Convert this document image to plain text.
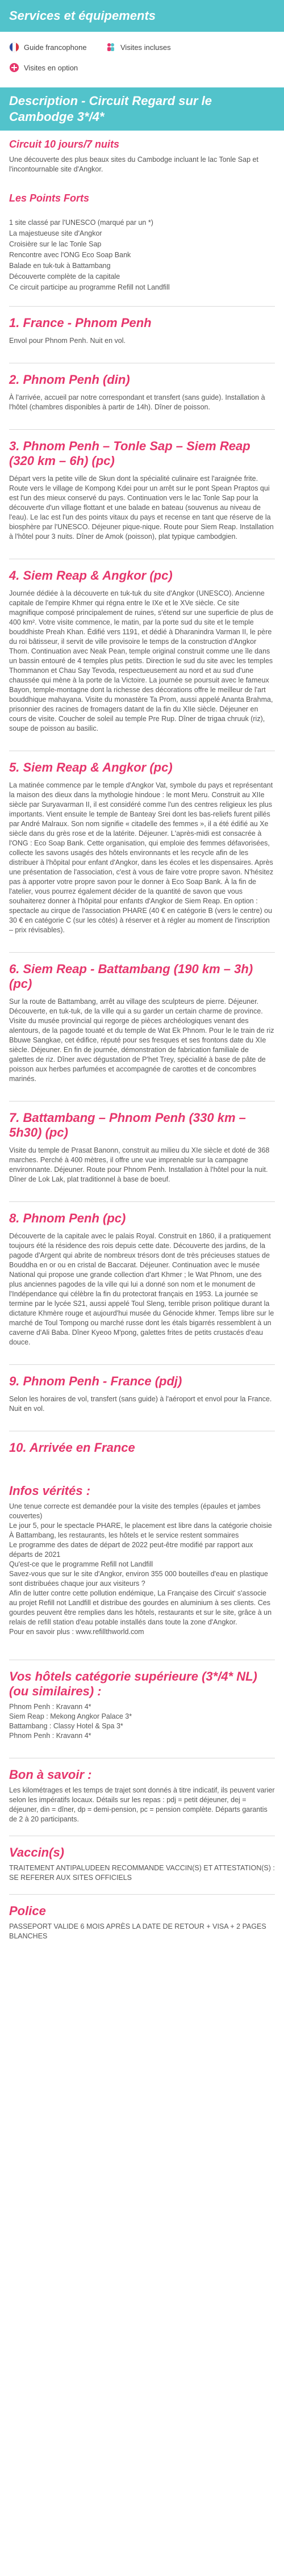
Services et équipements
Guide francophone	Visites incluses
Visites en option
Description - Circuit Regard sur le Cambodge 3*/4*
Circuit 10 jours/7 nuits

Une découverte des plus beaux sites du Cambodge incluant le lac Tonle Sap et l'incontournable site d'Angkor.

Les Points Forts

1 site classé par l'UNESCO (marqué par un *)

La majestueuse site d'Angkor

Croisière sur le lac Tonle Sap

Rencontre avec l'ONG Eco Soap Bank

Balade en tuk-tuk à Battambang

Découverte complète de la capitale

Ce circuit participe au programme Refill not Landfill

1. France - Phnom Penh

Envol pour Phnom Penh. Nuit en vol.

2. Phnom Penh (din)

À l'arrivée, accueil par notre correspondant et transfert (sans guide). Installation à l'hôtel (chambres disponibles à partir de 14h). Dîner de poisson.

3. Phnom Penh – Tonle Sap – Siem Reap (320 km – 6h) (pc)

Départ vers la petite ville de Skun dont la spécialité culinaire est l'araignée frite. Route vers le village de Kompong Kdei pour un arrêt sur le pont Spean Praptos qui est l'un des mieux conservé du pays. Continuation vers le lac Tonle Sap pour la découverte d'un village flottant et une balade en bateau (souvenus au niveau de l'eau). Le lac est l'un des points vitaux du pays et recense en tant que réserve de la biosphère par l'UNESCO. Déjeuner pique-nique. Route pour Siem Reap. Installation à l'hôtel pour 3 nuits. Dîner de Amok (poisson), plat typique cambodgien.

4. Siem Reap & Angkor (pc)

Journée dédiée à la découverte en tuk-tuk du site d'Angkor (UNESCO). Ancienne capitale de l'empire Khmer qui régna entre le IXe et le XVe siècle. Ce site magnifique composé principalement de ruines, s'étend sur une superficie de plus de 400 km². Votre visite commence, le matin, par la porte sud du site et le temple bouddhiste Preah Khan. Édifié vers 1191, et dédié à Dharanindra Varman II, le père du roi bâtisseur, il servit de ville provisoire le temps de la construction d'Angkor Thom. Continuation avec Neak Pean, temple original construit comme une île dans un bassin entouré de 4 temples plus petits. Direction le sud du site avec les temples Thommanon et Chau Say Tevoda, respectueusement au nord et au sud d'une chaussée qui mène à la porte de la Victoire. La journée se poursuit avec le fameux Bayon, temple-montagne dont la richesse des décorations offre le meilleur de l'art bouddhique mahayana. Visite du monastère Ta Prom, aussi appelé Ananta Brahma, prisonnier des racines de fromagers datant de la fin du XIIe siècle. Déjeuner en cours de visite. Coucher de soleil au temple Pre Rup. Dîner de trigaa chruuk (riz), soupe de poisson au basilic.

5. Siem Reap & Angkor (pc)

La matinée commence par le temple d'Angkor Vat, symbole du pays et représentant la maison des dieux dans la mythologie hindoue : le mont Meru. Construit au XIIe siècle par Suryavarman II, il est considéré comme l'un des centres religieux les plus importants. Vient ensuite le temple de Banteay Srei dont les bas-reliefs furent pillés par André Malraux. Son nom signifie « citadelle des femmes », il a été édifié au Xe siècle dans du grès rose et de la latérite. Déjeuner. L'après-midi est consacrée à l'ONG : Eco Soap Bank. Cette organisation, qui emploie des femmes défavorisées, collecte les savons usagés des hôtels environnants et les recycle afin de les distribuer à l'hôpital pour enfant d'Angkor, dans les écoles et les dispensaires. Après une présentation de l'association, c'est à vous de faire votre propre savon. N'hésitez pas à apporter votre propre savon pour le donner à Eco Soap Bank. À la fin de l'atelier, vous pourrez également décider de la quantité de savon que vous souhaiterez donner à l'hôpital pour enfants d'Angkor de Siem Reap. En option : spectacle au cirque de l'association PHARE (40 € en catégorie B (vers le centre) ou 30 € en catégorie C (sur les côtés) à réserver et à régler au moment de l'inscription – prix révisables).

6. Siem Reap - Battambang (190 km – 3h) (pc)

Sur la route de Battambang, arrêt au village des sculpteurs de pierre. Déjeuner. Découverte, en tuk-tuk, de la ville qui a su garder un certain charme de province. Visite du musée provincial qui regorge de pièces archéologiques venant des alentours, de la pagode touaté et du temple de Wat Ek Phnom. Pour le le train de riz Bbuwe Sangkae, cet édifice, réputé pour ses fresques et ses frontons date du XIe siècle. Déjeuner. En fin de journée, démonstration de fabrication familiale de galettes de riz. Dîner avec dégustation de P'het Trey, spécialité à base de pâte de poisson aux herbes parfumées et accompagnée de carottes et de concombres marinés.

7. Battambang – Phnom Penh (330 km – 5h30) (pc)

Visite du temple de Prasat Banonn, construit au milieu du XIe siècle et doté de 368 marches. Perché à 400 mètres, il offre une vue imprenable sur la campagne environnante. Déjeuner. Route pour Phnom Penh. Installation à l'hôtel pour la nuit. Dîner de Lok Lak, plat traditionnel à base de boeuf.

8. Phnom Penh (pc)

Découverte de la capitale avec le palais Royal. Construit en 1860, il a pratiquement toujours été la résidence des rois depuis cette date. Découverte des jardins, de la pagode d'Argent qui abrite de nombreux trésors dont de très précieuses statues de Bouddha en or ou en cristal de Baccarat. Déjeuner. Continuation avec le musée National qui propose une grande collection d'art Khmer ; le Wat Phnom, une des plus anciennes pagodes de la ville qui lui a donné son nom et le monument de l'Indépendance qui célèbre la fin du protectorat français en 1953. La journée se termine par le lycée S21, aussi appelé Toul Sleng, terrible prison politique durant la dictature Khmère rouge et aujourd'hui musée du Génocide khmer. Temps libre sur le marché de Toul Tompong ou marché russe dont les étals bigarrés ressemblent à un caverne d'Ali Baba. Dîner Kyeoo M'pong, galettes frites de petits crustacés d'eau douce.

9. Phnom Penh - France (pdj)

Selon les horaires de vol, transfert (sans guide) à l'aéroport et envol pour la France. Nuit en vol.

10. Arrivée en France
Infos vérités :

Une tenue correcte est demandée pour la visite des temples (épaules et jambes couvertes)

Le jour 5, pour le spectacle PHARE, le placement est libre dans la catégorie choisie

À Battambang, les restaurants, les hôtels et le service restent sommaires

Le programme des dates de départ de 2022 peut-être modifié par rapport aux départs de 2021

Qu'est-ce que le programme Refill not Landfill

Savez-vous que sur le site d'Angkor, environ 355 000 bouteilles d'eau en plastique sont distribuées chaque jour aux visiteurs ?

Afin de lutter contre cette pollution endémique, La Française des Circuit' s'associe au projet Refill not Landfill et distribue des gourdes en aluminium à ses clients. Ces gourdes peuvent être remplies dans les hôtels, restaurants et sur le site, grâce à un relais de refill station d'eau potable installés dans toute la zone d'Angkor.

Pour en savoir plus : www.refillthworld.com

Vos hôtels catégorie supérieure (3*/4* NL) (ou similaires) :

Phnom Penh : Kravann 4*

Siem Reap : Mekong Angkor Palace 3*

Battambang : Classy Hotel & Spa 3*

Phnom Penh : Kravann 4*

Bon à savoir :

Les kilométrages et les temps de trajet sont donnés à titre indicatif, ils peuvent varier selon les impératifs locaux. Détails sur les repas : pdj = petit déjeuner, dej = déjeuner, din = dîner, dp = demi-pension, pc = pension complète. Départs garantis de 2 à 20 participants.

Vaccin(s)

TRAITEMENT ANTIPALUDEEN RECOMMANDE VACCIN(S) ET ATTESTATION(S) : SE REFERER AUX SITES OFFICIELS

Police

PASSEPORT VALIDE 6 MOIS APRÈS LA DATE DE RETOUR + VISA + 2 PAGES BLANCHES
